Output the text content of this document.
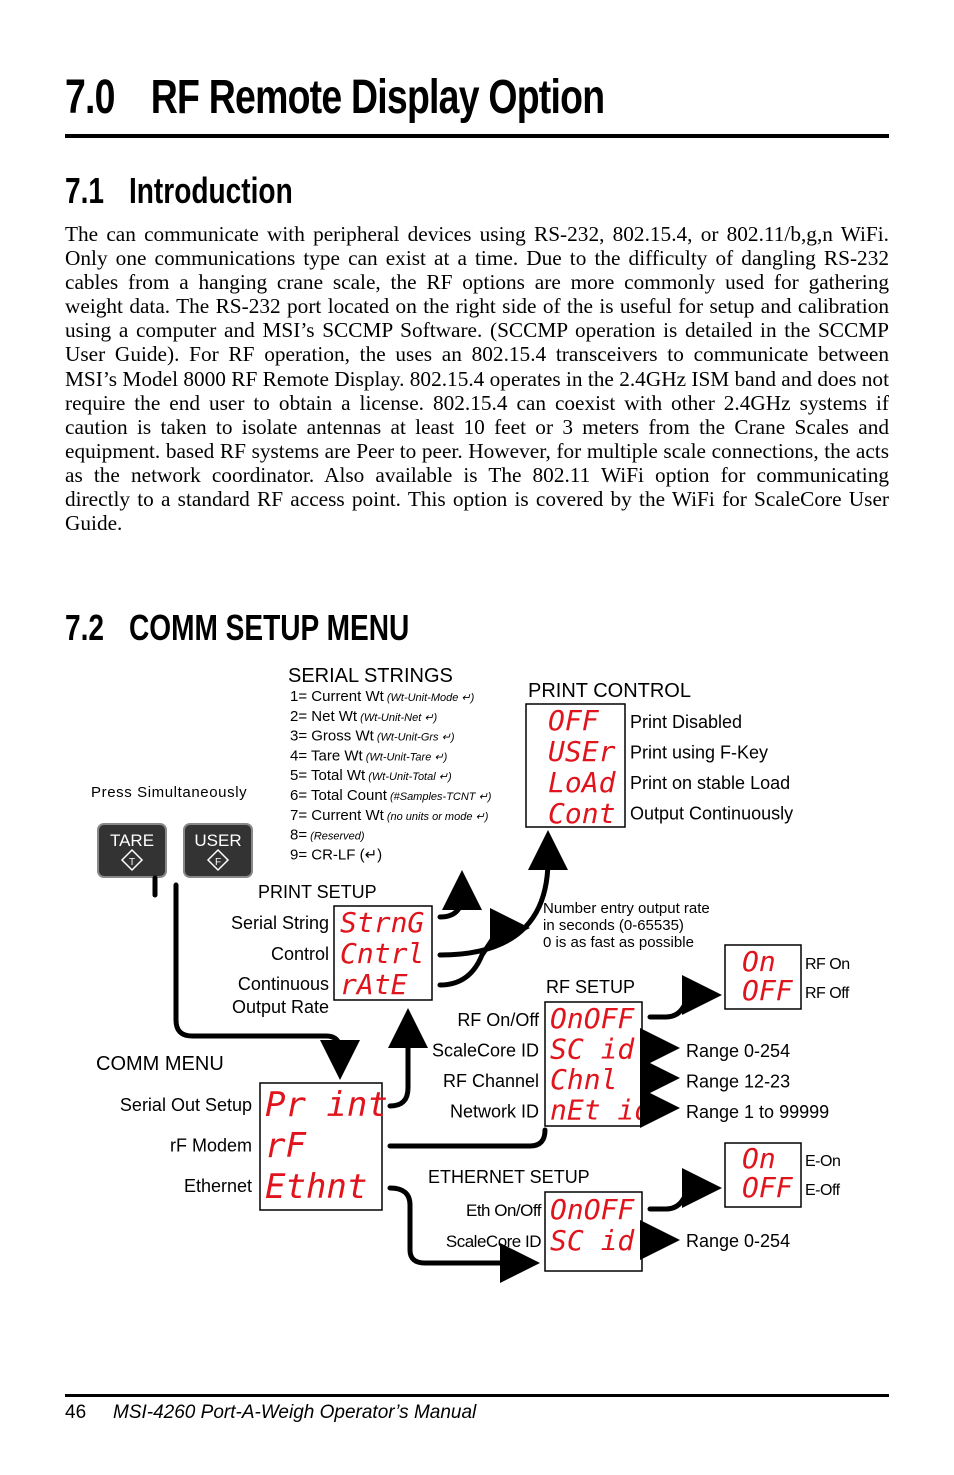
7.0 RF Remote Display Option
7.1 Introduction
The can communicate with peripheral devices using RS-232, 802.15.4, or 802.11/b,g,n WiFi. Only one communications type can exist at a time. Due to the difficulty of dangling RS-232 cables from a hanging crane scale, the RF options are more commonly used for gathering weight data. The RS-232 port located on the right side of the is useful for setup and calibration using a computer and MSI’s SCCMP Software. (SCCMP operation is detailed in the SCCMP User Guide). For RF operation, the uses an 802.15.4 transceivers to communicate between MSI’s Model 8000 RF Remote Display. 802.15.4 operates in the 2.4GHz ISM band and does not require the end user to obtain a license. 802.15.4 can coexist with other 2.4GHz systems if caution is taken to isolate antennas at least 10 feet or 3 meters from the Crane Scales and equipment. based RF systems are Peer to peer. However, for multiple scale connections, the acts as the network coordinator. Also available is The 802.11 WiFi option for communicating directly to a standard RF access point. This option is covered by the WiFi for ScaleCore User Guide.
7.2 COMM SETUP MENU
Press Simultaneously
TARE
T
USER
F
SERIAL STRINGS
1= Current Wt (Wt-Unit-Mode ↵)
2= Net Wt (Wt-Unit-Net ↵)
3= Gross Wt (Wt-Unit-Grs ↵)
4= Tare Wt (Wt-Unit-Tare ↵)
5= Total Wt (Wt-Unit-Total ↵)
6= Total Count (#Samples-TCNT ↵)
7= Current Wt (no units or mode ↵)
8= (Reserved)
9= CR-LF (↵)
PRINT CONTROL
OFF
USEr
LoAd
Cont
Print Disabled
Print using F-Key
Print on stable Load
Output Continuously
PRINT SETUP
StrnG
Cntrl
rAtE
Serial String
Control
Continuous
Output Rate
Number entry output rate
in seconds (0-65535)
0 is as fast as possible
RF SETUP
OnOFF
SC id
Chnl
nEt id
RF On/Off
ScaleCore ID
RF Channel
Network ID
Range 0-254
Range 12-23
Range 1 to 99999
On
OFF
RF On
RF Off
COMM MENU
Pr int
rF
Ethnt
Serial Out Setup
rF Modem
Ethernet	ETHERNET SETUP
OnOFF
SC id
Eth On/Off
ScaleCore ID	Range 0-254
On
OFF
E-On
E-Off
46 MSI-4260 Port-A-Weigh Operator’s Manual
